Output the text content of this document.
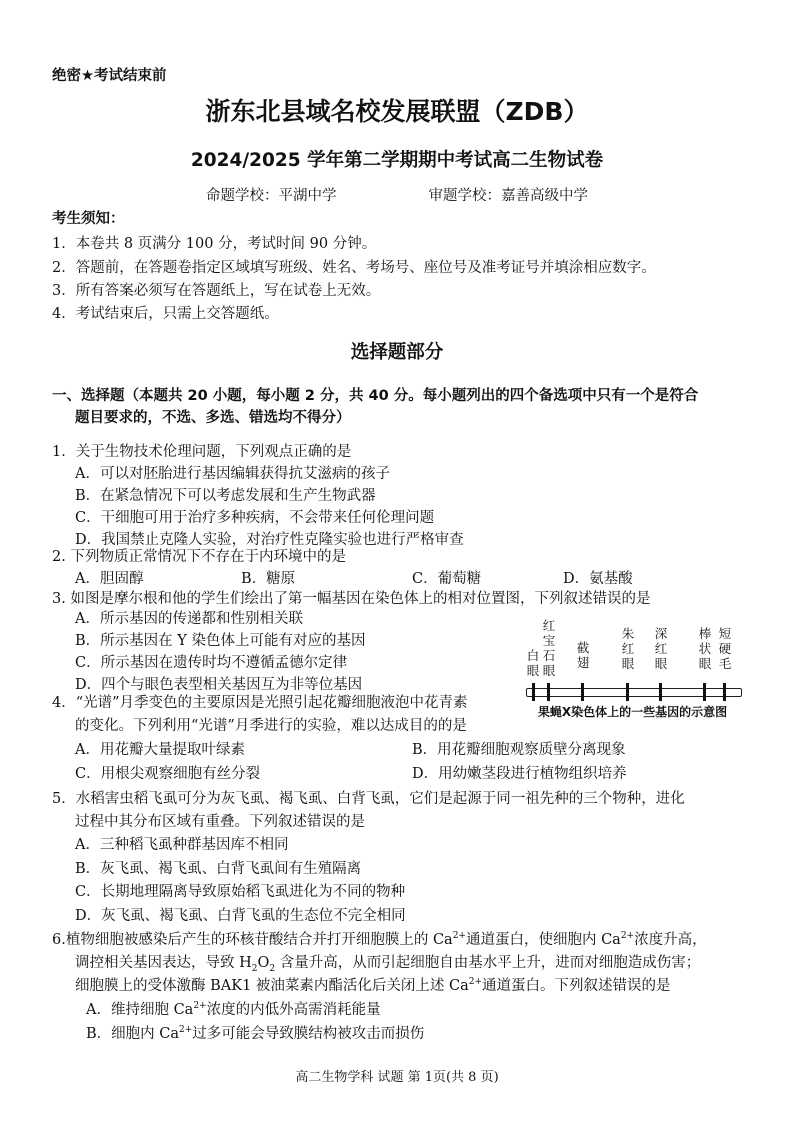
绝密★考试结束前
浙东北县域名校发展联盟（ZDB）
2024/2025 学年第二学期期中考试高二生物试卷
命题学校：平湖中学	审题学校：嘉善高级中学
考生须知：
1．本卷共 8 页满分 100 分，考试时间 90 分钟。
2．答题前，在答题卷指定区域填写班级、姓名、考场号、座位号及准考证号并填涂相应数字。
3．所有答案必须写在答题纸上，写在试卷上无效。
4．考试结束后，只需上交答题纸。
选择题部分
一、选择题（本题共 20 小题，每小题 2 分，共 40 分。每小题列出的四个备选项中只有一个是符合
题目要求的，不选、多选、错选均不得分）
1．关于生物技术伦理问题，下列观点正确的是
A．可以对胚胎进行基因编辑获得抗艾滋病的孩子
B．在紧急情况下可以考虑发展和生产生物武器
C．干细胞可用于治疗多种疾病，不会带来任何伦理问题
D．我国禁止克隆人实验，对治疗性克隆实验也进行严格审查
2. 下列物质正常情况下不存在于内环境中的是
A．胆固醇	B．糖原	C．葡萄糖	D．氨基酸
3. 如图是摩尔根和他的学生们绘出了第一幅基因在染色体上的相对位置图，下列叙述错误的是
A．所示基因的传递都和性别相关联
B．所示基因在 Y 染色体上可能有对应的基因
C．所示基因在遗传时均不遵循孟德尔定律
D．四个与眼色表型相关基因互为非等位基因
白眼
红宝石眼
截翅
朱红眼
深红眼
棒状眼
短硬毛
果蝇X染色体上的一些基因的示意图
4．“光谱”月季变色的主要原因是光照引起花瓣细胞液泡中花青素
的变化。下列利用“光谱”月季进行的实验，难以达成目的的是
A．用花瓣大量提取叶绿素	B．用花瓣细胞观察质壁分离现象
C．用根尖观察细胞有丝分裂	D．用幼嫩茎段进行植物组织培养
5．水稻害虫稻飞虱可分为灰飞虱、褐飞虱、白背飞虱，它们是起源于同一祖先种的三个物种，进化
过程中其分布区域有重叠。下列叙述错误的是
A．三种稻飞虱种群基因库不相同
B．灰飞虱、褐飞虱、白背飞虱间有生殖隔离
C．长期地理隔离导致原始稻飞虱进化为不同的物种
D．灰飞虱、褐飞虱、白背飞虱的生态位不完全相同
6.植物细胞被感染后产生的环核苷酸结合并打开细胞膜上的 $Ca^{2+}$通道蛋白，使细胞内 $Ca^{2+}$浓度升高，
调控相关基因表达，导致 $H_2O_2$ 含量升高，从而引起细胞自由基水平上升，进而对细胞造成伤害；
细胞膜上的受体激酶 BAK1 被油菜素内酯活化后关闭上述 $Ca^{2+}$通道蛋白。下列叙述错误的是
A．维持细胞 $Ca^{2+}$浓度的内低外高需消耗能量
B．细胞内 $Ca^{2+}$过多可能会导致膜结构被攻击而损伤
高二生物学科 试题 第 1页(共 8 页)
